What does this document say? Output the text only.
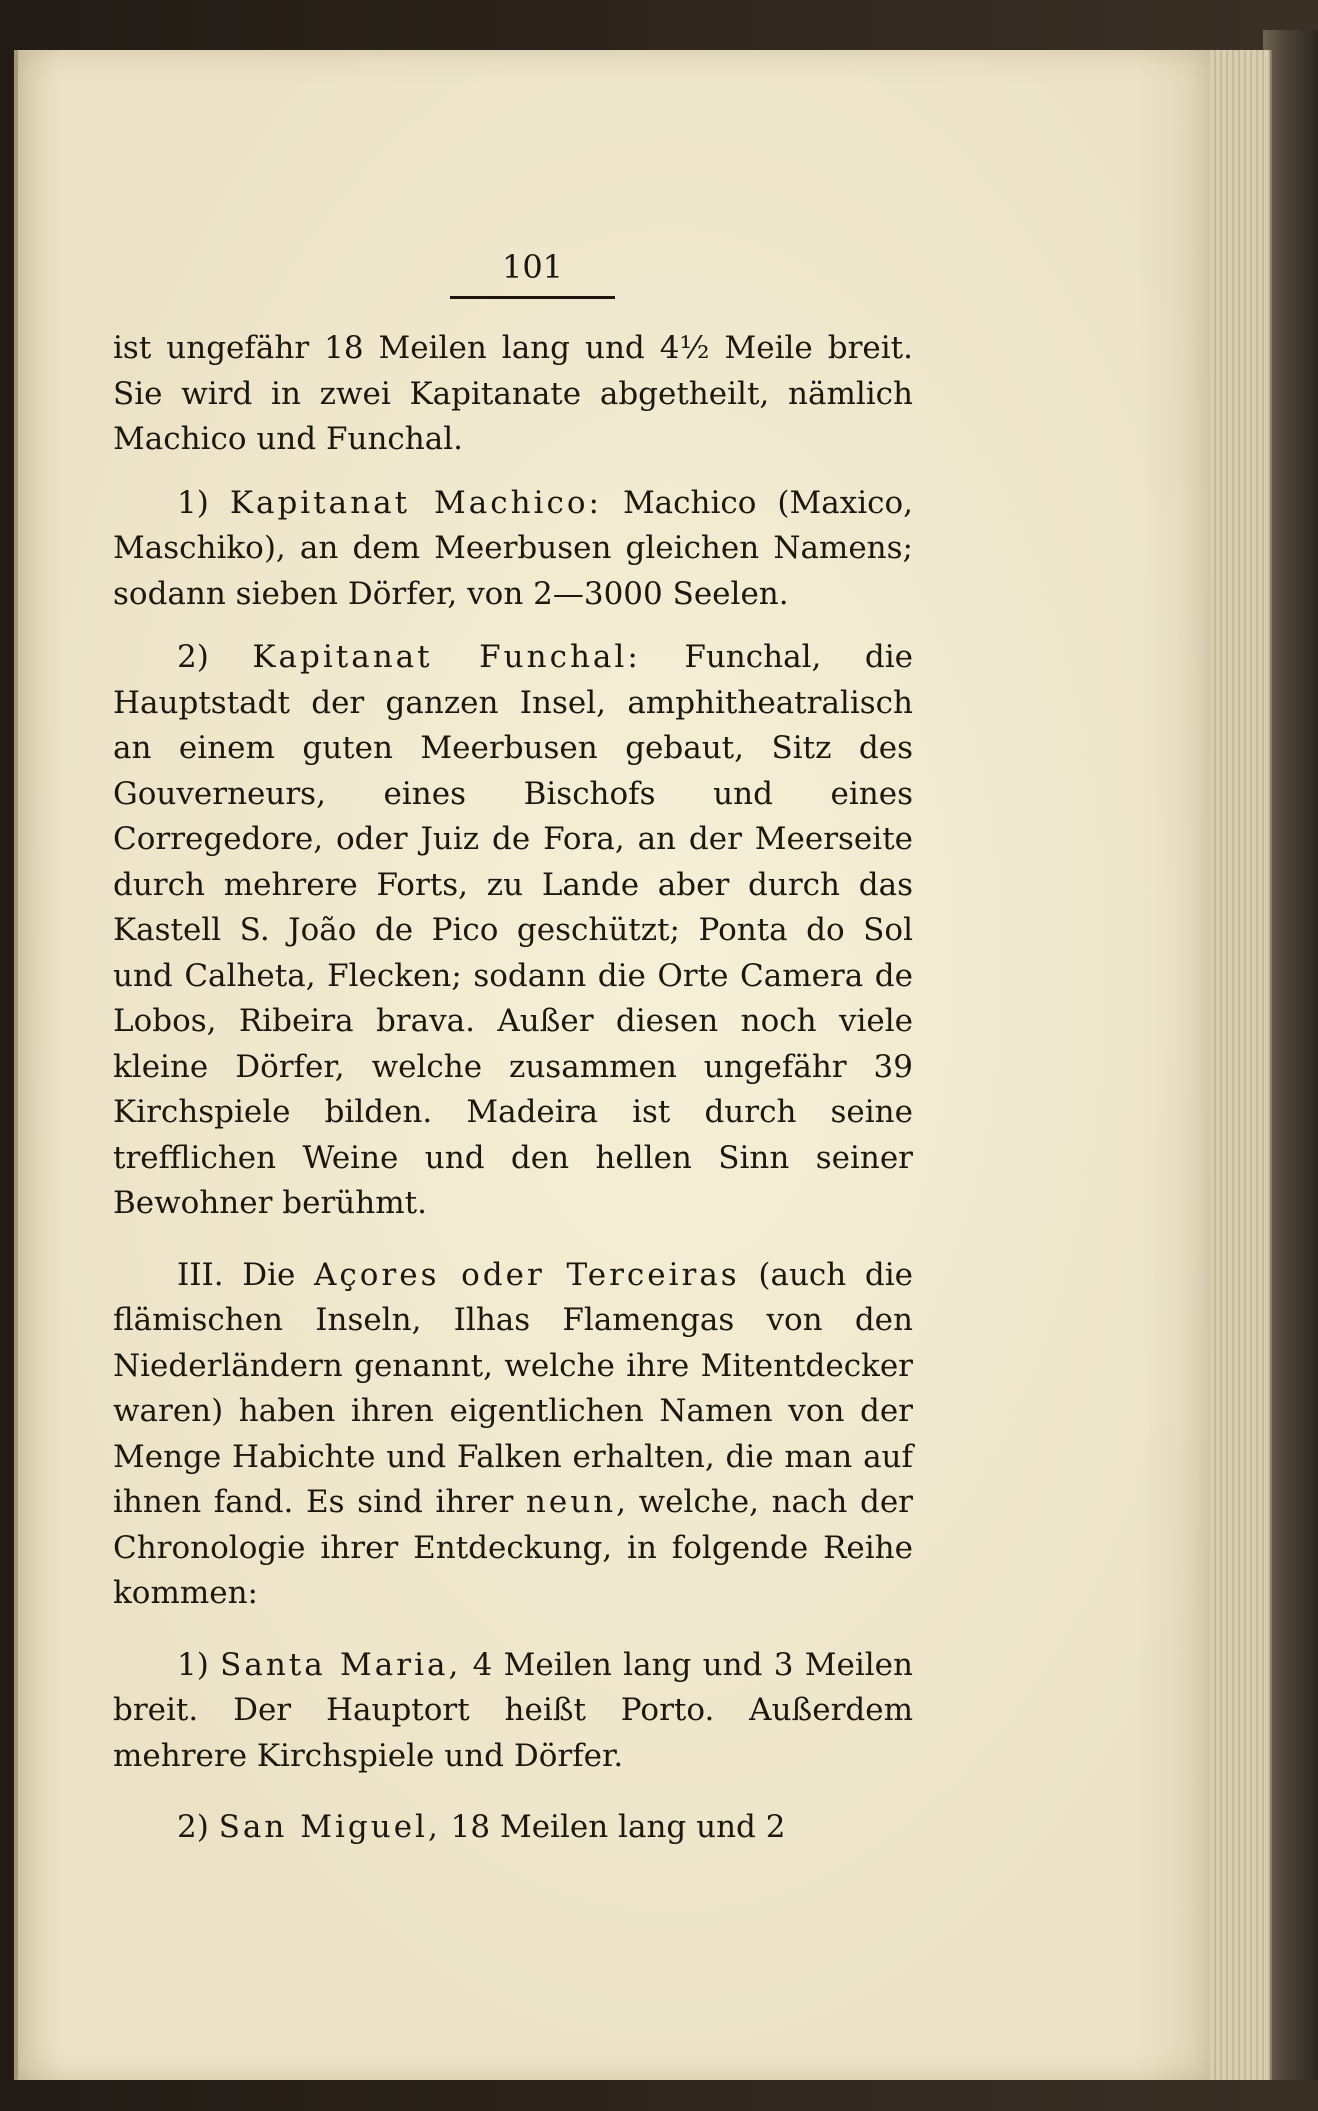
101

ist ungefähr 18 Meilen lang und 4½ Meile breit. Sie wird in zwei Kapitanate abgetheilt, nämlich Machico und Funchal.

1) Kapitanat Machico: Machico (Maxico, Maschiko), an dem Meerbusen gleichen Namens; sodann sieben Dörfer, von 2—3000 Seelen.

2) Kapitanat Funchal: Funchal, die Hauptstadt der ganzen Insel, amphitheatralisch an einem guten Meerbusen gebaut, Sitz des Gouverneurs, eines Bischofs und eines Corregedore, oder Juiz de Fora, an der Meerseite durch mehrere Forts, zu Lande aber durch das Kastell S. João de Pico geschützt; Ponta do Sol und Calheta, Flecken; sodann die Orte Camera de Lobos, Ribeira brava. Außer diesen noch viele kleine Dörfer, welche zusammen ungefähr 39 Kirchspiele bilden. Madeira ist durch seine trefflichen Weine und den hellen Sinn seiner Bewohner berühmt.

III. Die Açores oder Terceiras (auch die flämischen Inseln, Ilhas Flamengas von den Niederländern genannt, welche ihre Mitentdecker waren) haben ihren eigentlichen Namen von der Menge Habichte und Falken erhalten, die man auf ihnen fand. Es sind ihrer neun, welche, nach der Chronologie ihrer Entdeckung, in folgende Reihe kommen:

1) Santa Maria, 4 Meilen lang und 3 Meilen breit. Der Hauptort heißt Porto. Außerdem mehrere Kirchspiele und Dörfer.

2) San Miguel, 18 Meilen lang und 2
